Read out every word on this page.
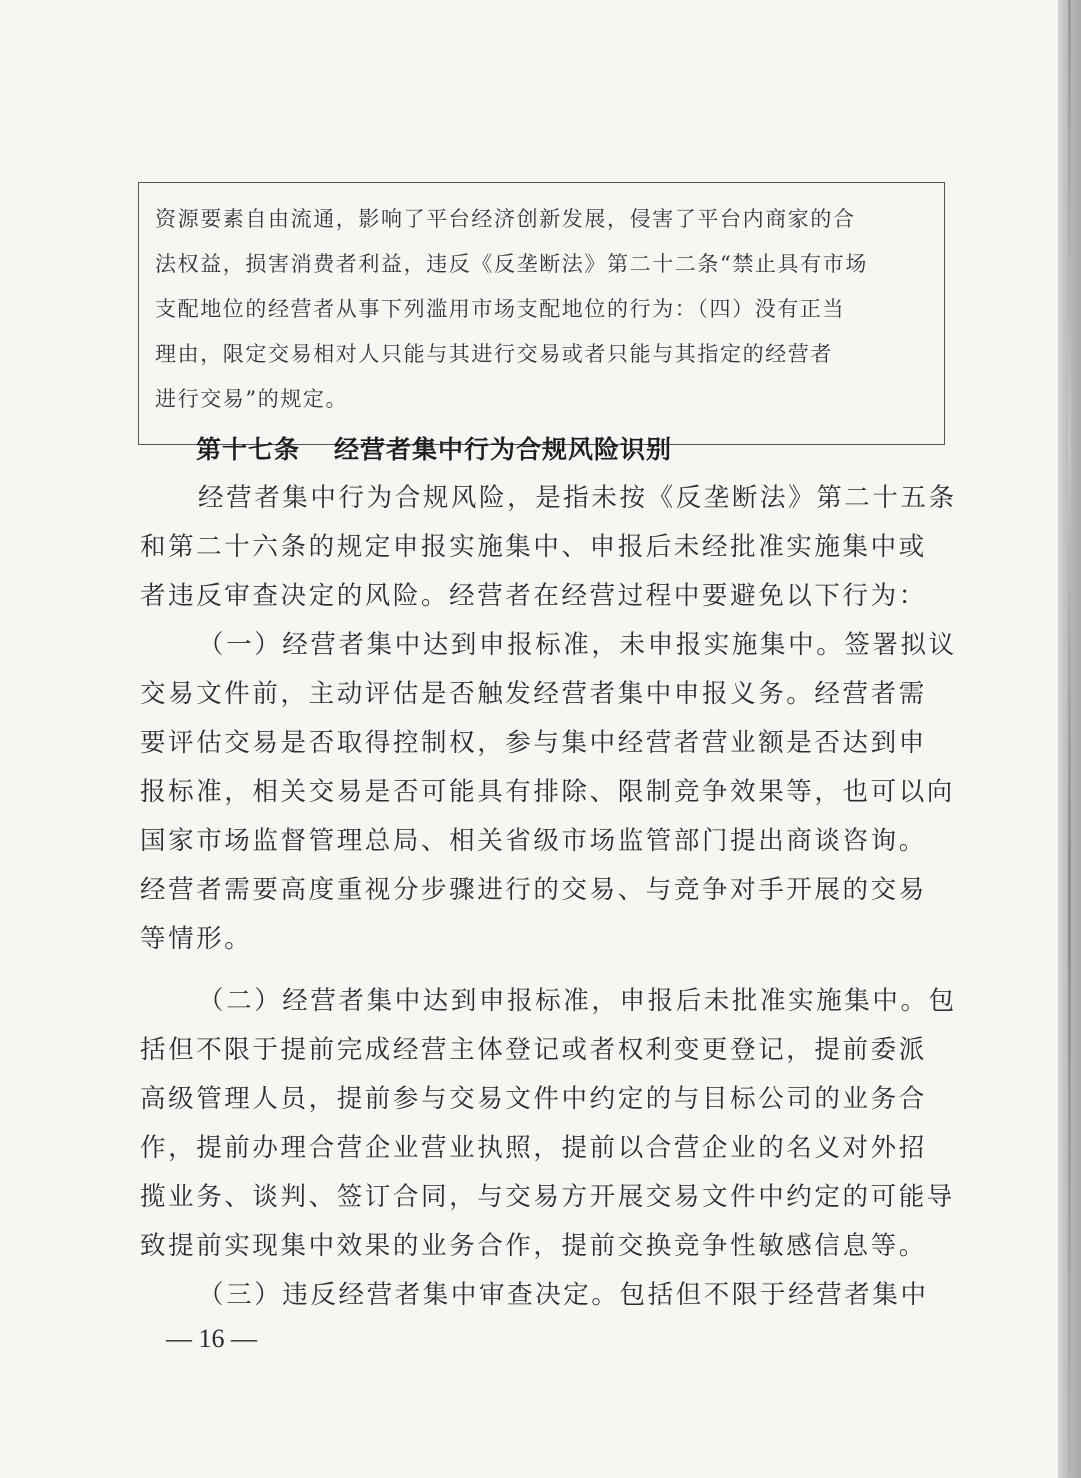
资源要素自由流通，影响了平台经济创新发展，侵害了平台内商家的合
法权益，损害消费者利益，违反《反垄断法》第二十二条“禁止具有市场
支配地位的经营者从事下列滥用市场支配地位的行为：（四）没有正当
理由，限定交易相对人只能与其进行交易或者只能与其指定的经营者
进行交易”的规定。
第十七条 经营者集中行为合规风险识别
经营者集中行为合规风险，是指未按《反垄断法》第二十五条
和第二十六条的规定申报实施集中、申报后未经批准实施集中或
者违反审查决定的风险。经营者在经营过程中要避免以下行为：
（一）经营者集中达到申报标准，未申报实施集中。签署拟议
交易文件前，主动评估是否触发经营者集中申报义务。经营者需
要评估交易是否取得控制权，参与集中经营者营业额是否达到申
报标准，相关交易是否可能具有排除、限制竞争效果等，也可以向
国家市场监督管理总局、相关省级市场监管部门提出商谈咨询。
经营者需要高度重视分步骤进行的交易、与竞争对手开展的交易
等情形。
（二）经营者集中达到申报标准，申报后未批准实施集中。包
括但不限于提前完成经营主体登记或者权利变更登记，提前委派
高级管理人员，提前参与交易文件中约定的与目标公司的业务合
作，提前办理合营企业营业执照，提前以合营企业的名义对外招
揽业务、谈判、签订合同，与交易方开展交易文件中约定的可能导
致提前实现集中效果的业务合作，提前交换竞争性敏感信息等。
（三）违反经营者集中审查决定。包括但不限于经营者集中
— 16 —
